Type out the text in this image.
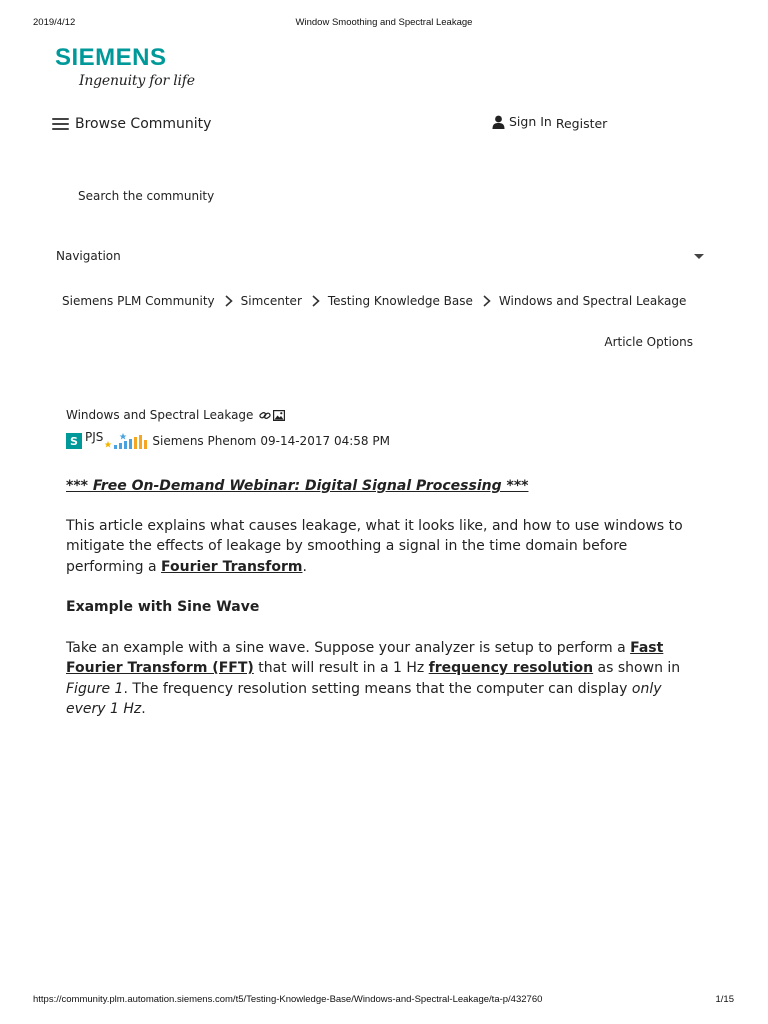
2019/4/12	Window Smoothing and Spectral Leakage
SIEMENS
Ingenuity for life
Browse Community	Sign In Register
Search the community
Navigation
Siemens PLM Community Simcenter Testing Knowledge Base Windows and Spectral Leakage
Article Options
Windows and Spectral Leakage
S PJS	Siemens Phenom 09-14-2017
04:58 PM

*** Free On-Demand Webinar: Digital Signal Processing ***

This article explains what causes leakage, what it looks like, and how to use windows to mitigate the effects of leakage by smoothing a signal in the time domain before performing a Fourier Transform.

Example with Sine Wave

Take an example with a sine wave. Suppose your analyzer is setup to perform a Fast Fourier Transform (FFT) that will result in a 1 Hz frequency resolution as shown in Figure 1. The frequency resolution setting means that the computer can display only every 1 Hz.

https://community.plm.automation.siemens.com/t5/Testing-Knowledge-Base/Windows-and-Spectral-Leakage/ta-p/432760	1/15
